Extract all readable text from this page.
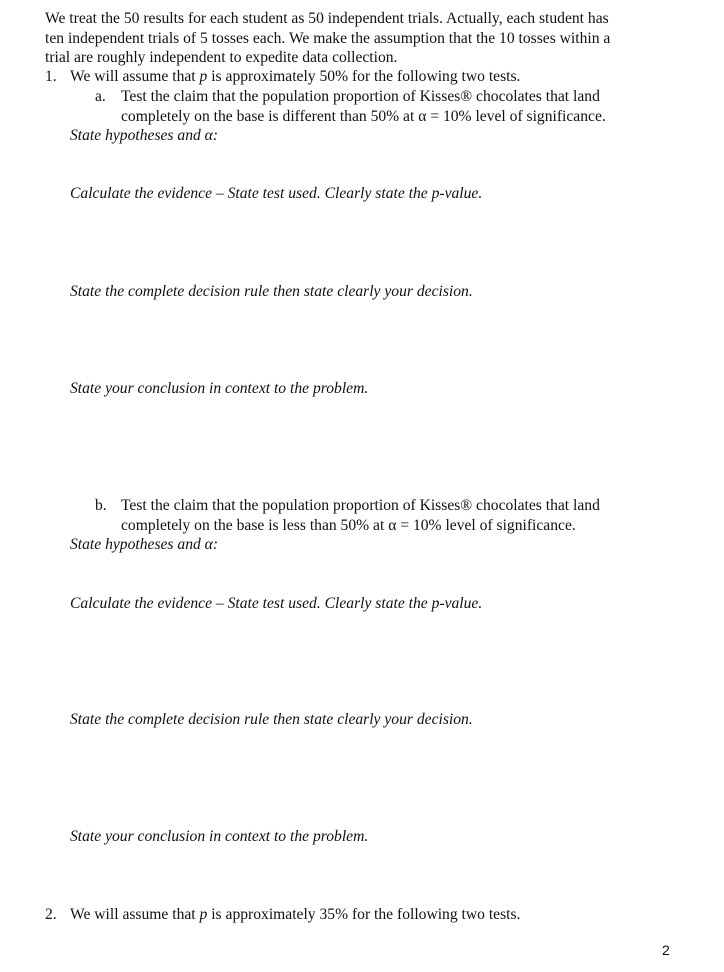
We treat the 50 results for each student as 50 independent trials. Actually, each student has
ten independent trials of 5 tosses each. We make the assumption that the 10 tosses within a
trial are roughly independent to expedite data collection.
1. We will assume that p is approximately 50% for the following two tests.
a. Test the claim that the population proportion of Kisses® chocolates that land
completely on the base is different than 50% at α = 10% level of significance.
State hypotheses and α:
Calculate the evidence – State test used. Clearly state the p-value.
State the complete decision rule then state clearly your decision.
State your conclusion in context to the problem.
b. Test the claim that the population proportion of Kisses® chocolates that land
completely on the base is less than 50% at α = 10% level of significance.
State hypotheses and α:
Calculate the evidence – State test used. Clearly state the p-value.
State the complete decision rule then state clearly your decision.
State your conclusion in context to the problem.
2. We will assume that p is approximately 35% for the following two tests.
2
